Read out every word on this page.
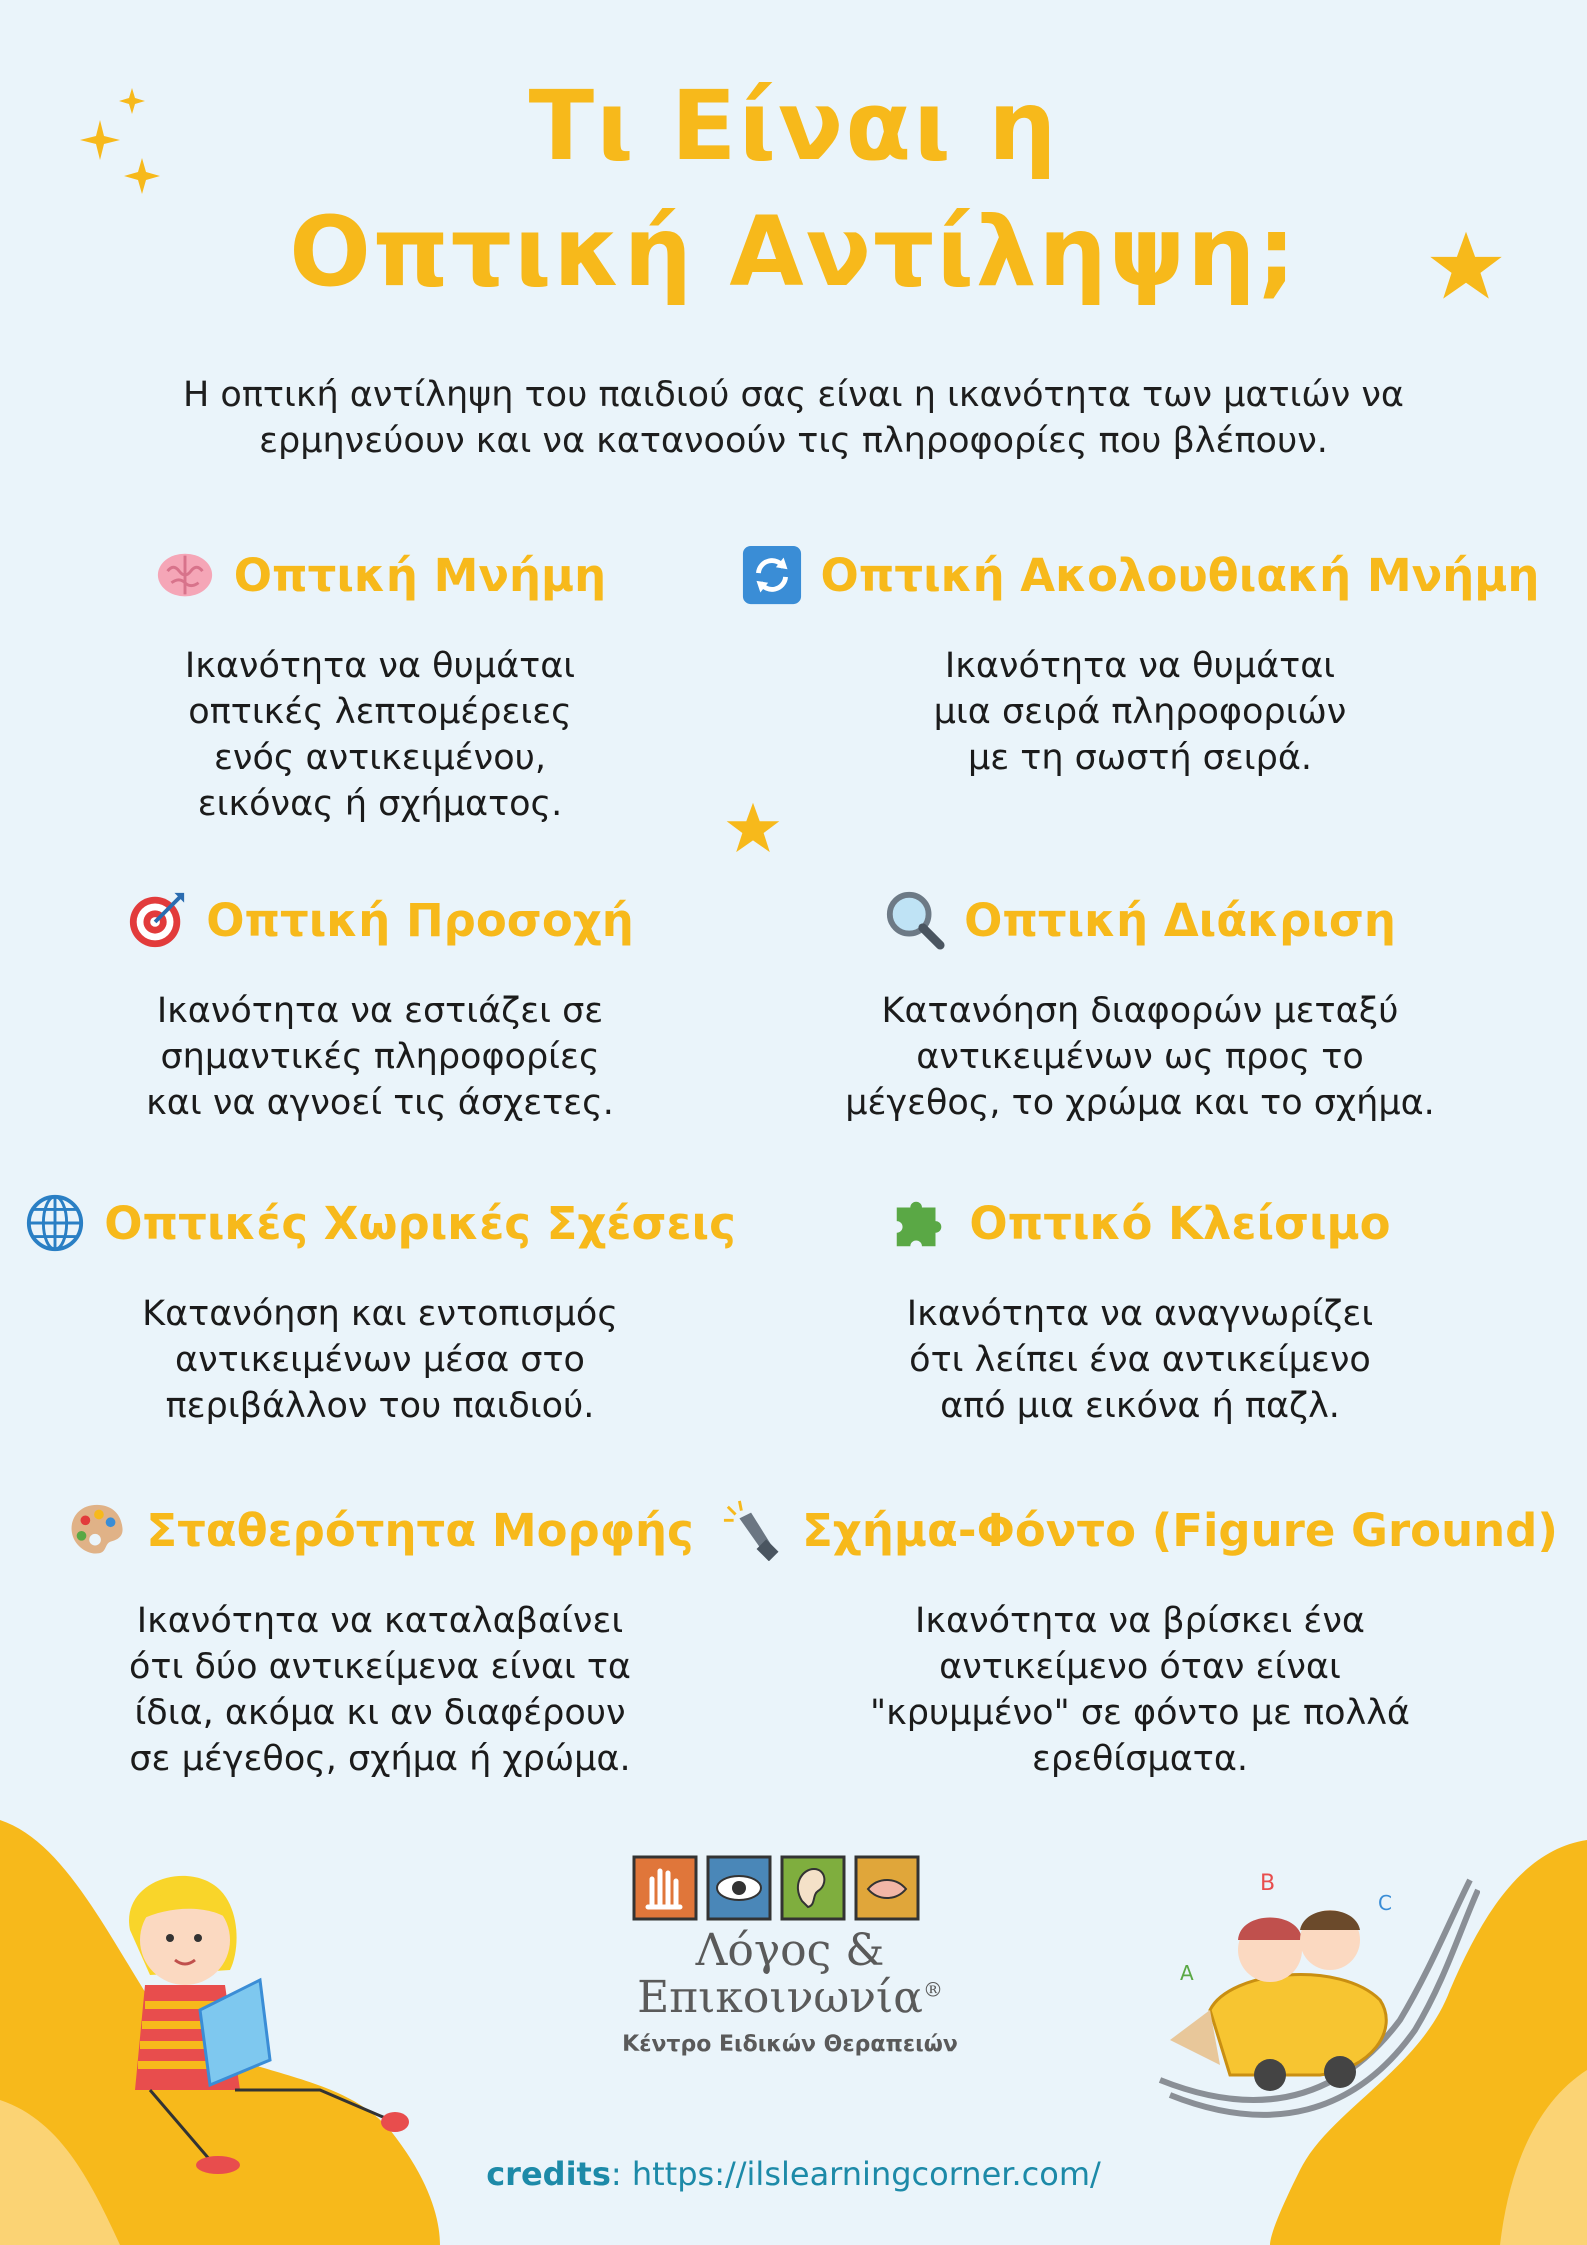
Τι Είναι η
Οπτική Αντίληψη;
Η οπτική αντίληψη του παιδιού σας είναι η ικανότητα των ματιών να ερμηνεύουν και να κατανοούν τις πληροφορίες που βλέπουν.
Οπτική Μνήμη
Ικανότητα να θυμάται
οπτικές λεπτομέρειες
ενός αντικειμένου,
εικόνας ή σχήματος.
Οπτική Ακολουθιακή Μνήμη
Ικανότητα να θυμάται
μια σειρά πληροφοριών
με τη σωστή σειρά.
Οπτική Προσοχή
Ικανότητα να εστιάζει σε
σημαντικές πληροφορίες
και να αγνοεί τις άσχετες.
Οπτική Διάκριση
Κατανόηση διαφορών μεταξύ
αντικειμένων ως προς το
μέγεθος, το χρώμα και το σχήμα.
Οπτικές Χωρικές Σχέσεις
Κατανόηση και εντοπισμός
αντικειμένων μέσα στο
περιβάλλον του παιδιού.
Οπτικό Κλείσιμο
Ικανότητα να αναγνωρίζει
ότι λείπει ένα αντικείμενο
από μια εικόνα ή παζλ.
Σταθερότητα Μορφής
Ικανότητα να καταλαβαίνει
ότι δύο αντικείμενα είναι τα
ίδια, ακόμα κι αν διαφέρουν
σε μέγεθος, σχήμα ή χρώμα.
Σχήμα-Φόντο (Figure Ground)
Ικανότητα να βρίσκει ένα
αντικείμενο όταν είναι
"κρυμμένο" σε φόντο με πολλά
ερεθίσματα.
B
A
C
Λόγος &
Επικοινωνία®
Κέντρο Ειδικών Θεραπειών
credits: https://ilslearningcorner.com/
